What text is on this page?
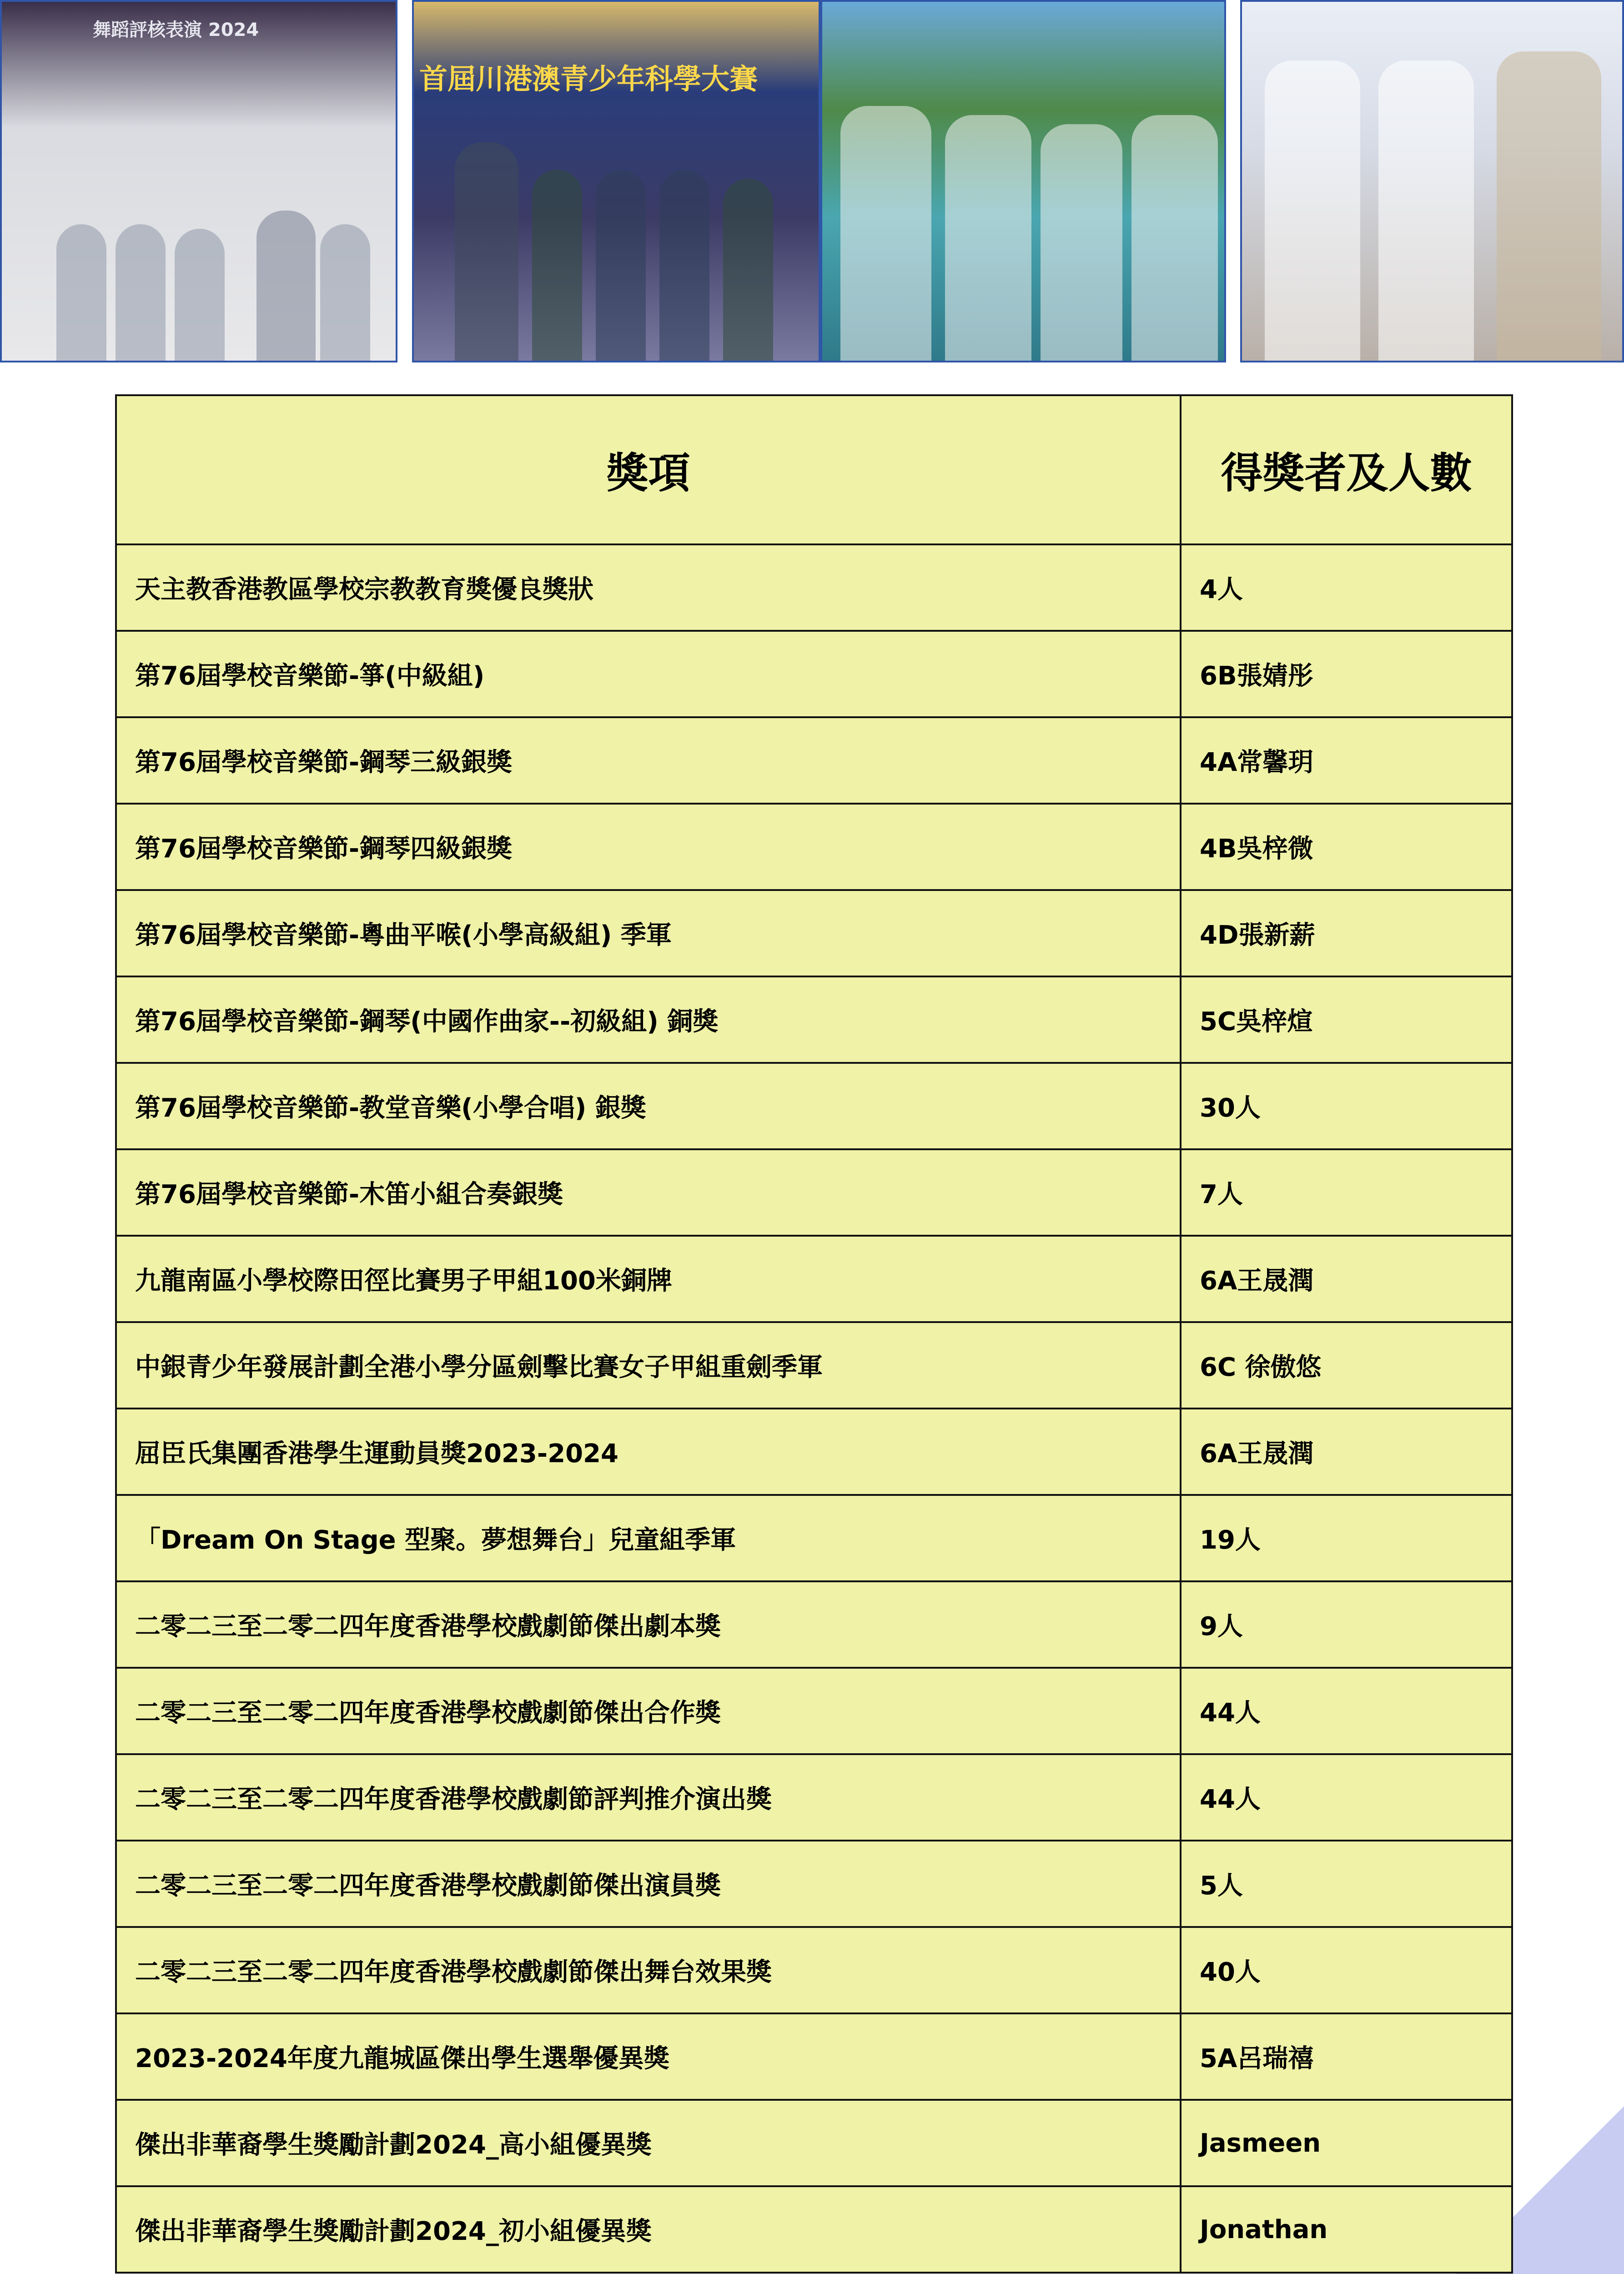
舞蹈評核表演 2024
首屆川港澳青少年科學大賽
獎項	得獎者及人數
天主教香港教區學校宗教教育獎優良獎狀	4人
第76屆學校音樂節-箏(中級組)	6B張婧彤
第76屆學校音樂節-鋼琴三級銀獎	4A常馨玥
第76屆學校音樂節-鋼琴四級銀獎	4B吳梓微
第76屆學校音樂節-粵曲平喉(小學高級組) 季軍	4D張新薪
第76屆學校音樂節-鋼琴(中國作曲家--初級組) 銅獎	5C吳梓煊
第76屆學校音樂節-教堂音樂(小學合唱) 銀獎	30人
第76屆學校音樂節-木笛小組合奏銀獎	7人
九龍南區小學校際田徑比賽男子甲組100米銅牌	6A王晟潤
中銀青少年發展計劃全港小學分區劍擊比賽女子甲組重劍季軍	6C 徐傲悠
屈臣氏集團香港學生運動員獎2023-2024	6A王晟潤
「Dream On Stage 型聚。夢想舞台」兒童組季軍	19人
二零二三至二零二四年度香港學校戲劇節傑出劇本獎	9人
二零二三至二零二四年度香港學校戲劇節傑出合作獎	44人
二零二三至二零二四年度香港學校戲劇節評判推介演出獎	44人
二零二三至二零二四年度香港學校戲劇節傑出演員獎	5人
二零二三至二零二四年度香港學校戲劇節傑出舞台效果獎	40人
2023-2024年度九龍城區傑出學生選舉優異獎	5A呂瑞禧
傑出非華裔學生獎勵計劃2024_高小組優異獎	Jasmeen
傑出非華裔學生獎勵計劃2024_初小組優異獎	Jonathan
